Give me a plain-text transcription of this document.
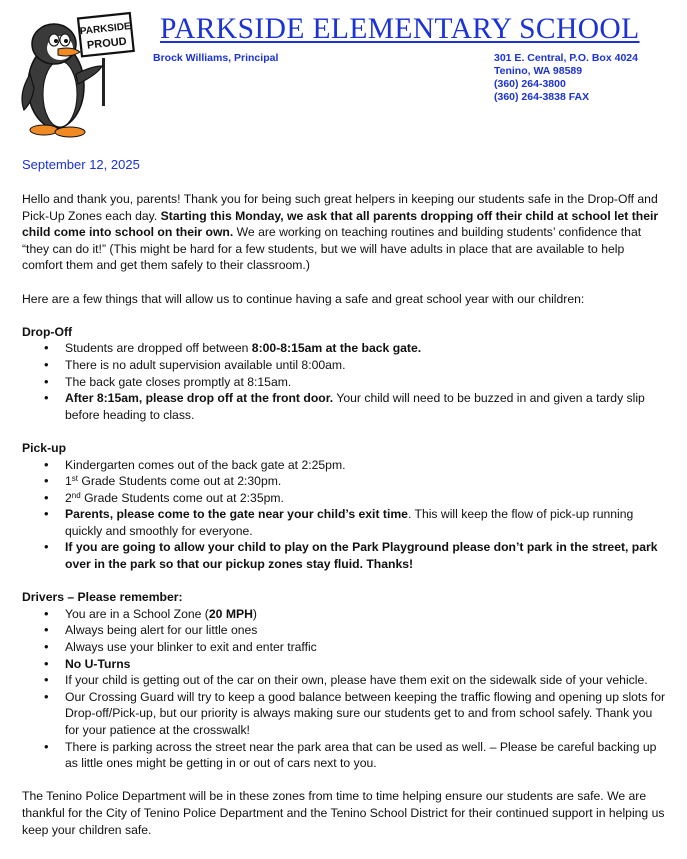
PARKSIDE
PROUD PARKSIDE ELEMENTARY SCHOOL
Brock Williams, Principal	301 E. Central, P.O. Box 4024
Tenino, WA 98589
(360) 264-3800
(360) 264-3838 FAX
September 12, 2025

Hello and thank you, parents! Thank you for being such great helpers in keeping our students safe in the Drop-Off and Pick-Up Zones each day. Starting this Monday, we ask that all parents dropping off their child at school let their child come into school on their own. We are working on teaching routines and building students’ confidence that “they can do it!” (This might be hard for a few students, but we will have adults in place that are available to help comfort them and get them safely to their classroom.)

Here are a few things that will allow us to continue having a safe and great school year with our children:

Drop-Off

• Students are dropped off between 8:00-8:15am at the back gate.
• There is no adult supervision available until 8:00am.
• The back gate closes promptly at 8:15am.
• After 8:15am, please drop off at the front door. Your child will need to be buzzed in and given a tardy slip before heading to class.

Pick-up

• Kindergarten comes out of the back gate at 2:25pm.
• 1st Grade Students come out at 2:30pm.
• 2nd Grade Students come out at 2:35pm.
• Parents, please come to the gate near your child’s exit time. This will keep the flow of pick-up running quickly and smoothly for everyone.
• If you are going to allow your child to play on the Park Playground please don’t park in the street, park over in the park so that our pickup zones stay fluid. Thanks!

Drivers – Please remember:

• You are in a School Zone (20 MPH)
• Always being alert for our little ones
• Always use your blinker to exit and enter traffic
• No U-Turns
• If your child is getting out of the car on their own, please have them exit on the sidewalk side of your vehicle.
• Our Crossing Guard will try to keep a good balance between keeping the traffic flowing and opening up slots for Drop-off/Pick-up, but our priority is always making sure our students get to and from school safely. Thank you for your patience at the crosswalk!
• There is parking across the street near the park area that can be used as well. – Please be careful backing up as little ones might be getting in or out of cars next to you.

The Tenino Police Department will be in these zones from time to time helping ensure our students are safe. We are thankful for the City of Tenino Police Department and the Tenino School District for their continued support in helping us keep your children safe.
